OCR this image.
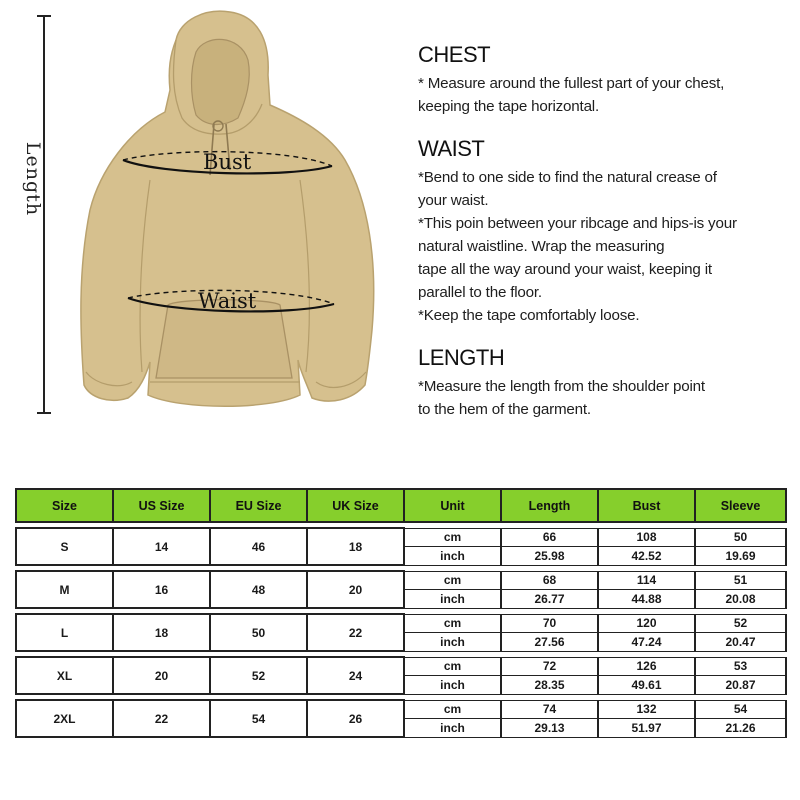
Length	Bust
Waist
CHEST
* Measure around the fullest part of your chest,
keeping the tape horizontal.
WAIST
*Bend to one side to find the natural crease of
your waist.
*This poin between your ribcage and hips-is your
natural waistline. Wrap the measuring
tape all the way around your waist, keeping it
parallel to the floor.
*Keep the tape comfortably loose.
LENGTH
*Measure the length from the shoulder point
to the hem of the garment.
Size	US Size	EU Size	UK Size	Unit	Length	Bust	Sleeve

S	14	46	18	cm	66	108	50
				inch	25.98	42.52	19.69

M	16	48	20	cm	68	114	51
				inch	26.77	44.88	20.08

L	18	50	22	cm	70	120	52
				inch	27.56	47.24	20.47

XL	20	52	24	cm	72	126	53
				inch	28.35	49.61	20.87

2XL	22	54	26	cm	74	132	54
				inch	29.13	51.97	21.26
